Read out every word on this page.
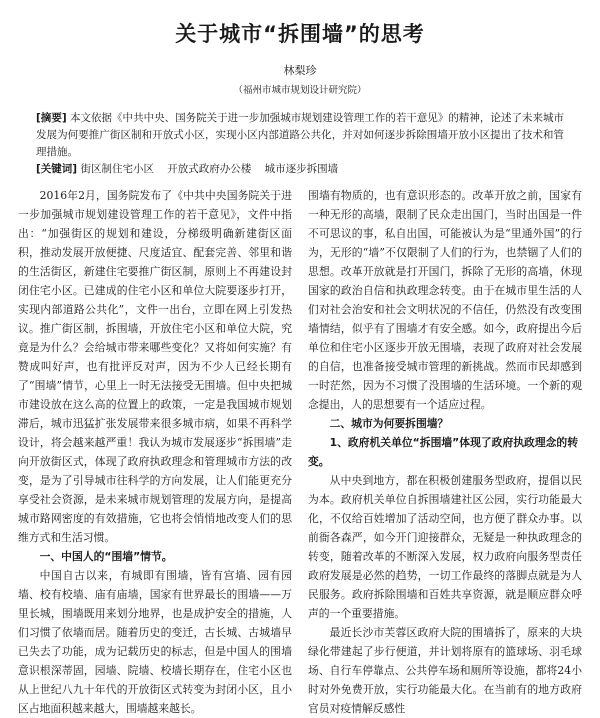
关于城市“拆围墙”的思考

林梨珍

（福州市城市规划设计研究院）

[摘要] 本文依据《中共中央、国务院关于进一步加强城市规划建设管理工作的若干意见》的精神，论述了未来城市发展为何要推广街区制和开放式小区，实现小区内部道路公共化，并对如何逐步拆除围墙开放小区提出了技术和管理措施。
[关键词] 街区制住宅小区 开放式政府办公楼 城市逐步拆围墙

2016年2月，国务院发布了《中共中央国务院关于进一步加强城市规划建设管理工作的若干意见》，文件中指出：“加强街区的规划和建设，分梯级明确新建街区面积，推动发展开放便捷、尺度适宜、配套完善、邻里和谐的生活街区，新建住宅要推广街区制，原则上不再建设封闭住宅小区。已建成的住宅小区和单位大院要逐步打开，实现内部道路公共化”，文件一出台，立即在网上引发热议。推广街区制，拆围墙，开放住宅小区和单位大院，究竟是为什么？会给城市带来哪些变化？又将如何实施？有赞成叫好声，也有批评反对声，因为不少人已经长期有了“围墙”情节，心里上一时无法接受无围墙。但中央把城市建设放在这么高的位置上的政策，一定是我国城市规划滞后，城市迅猛扩张发展带来很多城市病，如果不再科学设计，将会越来越严重！我认为城市发展逐步“拆围墙”走向开放街区式，体现了政府执政理念和管理城市方法的改变，是为了引导城市往科学的方向发展，让人们能更充分享受社会资源，是未来城市规划管理的发展方向，是提高城市路网密度的有效措施，它也将会悄悄地改变人们的思维方式和生活习惯。

一、中国人的“围墙”情节。

中国自古以来，有城即有围墙，皆有宫墙、园有园墙、校有校墙、庙有庙墙，国家有世界最长的围墙——万里长城，围墙既用来划分地界，也是成护安全的措施，人们习惯了依墙而居。随着历史的变迁，古长城、古城墙早已失去了功能，成为记载历史的标志，但是中国人的围墙意识根深蒂固，园墙、院墙、校墙长期存在，住宅小区也从上世纪八九十年代的开放街区式转变为封闭小区，且小区占地面积越来越大，围墙越来越长。

围墙有物质的，也有意识形态的。改革开放之前，国家有一种无形的高墙，限制了民众走出国门，当时出国是一件不可思议的事，私自出国，可能被认为是“里通外国”的行为，无形的“墙”不仅限制了人们的行为，也禁锢了人们的思想。改革开放就是打开国门，拆除了无形的高墙，休现国家的政治自信和执政理念转变。由于在城市里生活的人们对社会治安和社会文明状况的不信任，仍然没有改变围墙情结，似乎有了围墙才有安全感。如今，政府提出今后单位和住宅小区逐步开放无围墙，表现了政府对社会发展的自信，也准备接受城市管理的新挑战。然而市民却感到一时茫然，因为不习惯了没围墙的生活环境。一个新的观念提出，人的思想要有一个适应过程。

二、城市为何要拆围墙？

1、政府机关单位“拆围墙”体现了政府执政理念的转变。

从中央到地方，都在积极创建服务型政府，提倡以民为本。政府机关单位自拆围墙建社区公园，实行功能最大化，不仅给百姓增加了活动空间，也方便了群众办事。以前衙各森严，如今开门迎接群众，无疑是一种执政理念的转变，随着改革的不断深入发展，权力政府向服务型责任政府发展是必然的趋势，一切工作最终的落脚点就是为人民服务。政府拆除围墙和百姓共享资源，就是顺应群众呼声的一个重要措施。

最近长沙市芙蓉区政府大院的围墙拆了，原来的大块绿化带建起了步行便道，并计划将原有的篮球场、羽毛球场、自行车停靠点、公共停车场和厕所等设施，都将24小时对外免费开放，实行功能最大化。在当前有的地方政府官员对疫情解反感性
